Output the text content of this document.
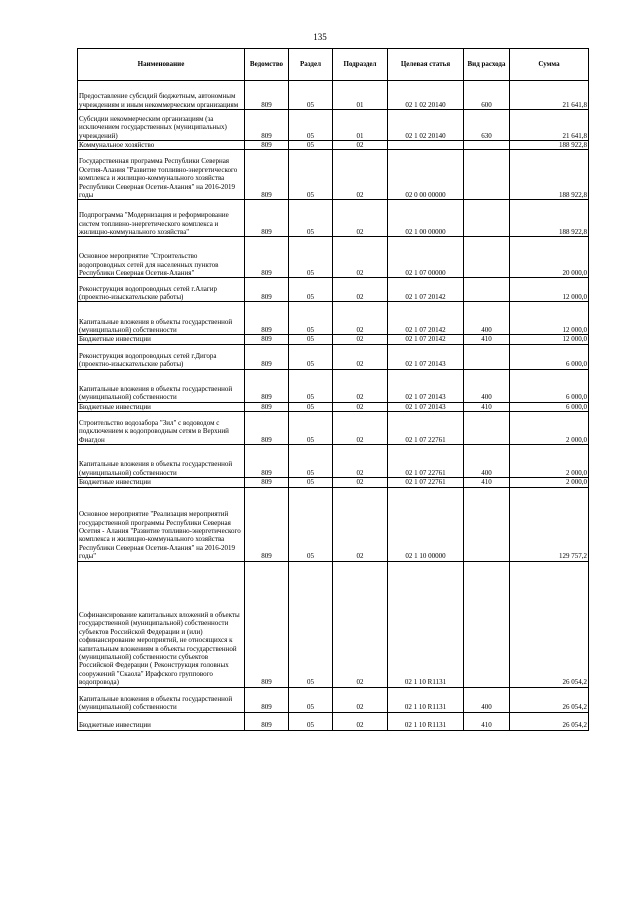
135
Наименование	Ведомство	Раздел	Подраздел	Целевая статья	Вид расхода	Сумма
Предоставление субсидий бюджетным, автономным учреждениям и иным некоммерческим организациям	809	05	01	02 1 02 20140	600	21 641,8
Субсидии некоммерческим организациям (за исключением государственных (муниципальных) учреждений)	809	05	01	02 1 02 20140	630	21 641,8
Коммунальное хозяйство	809	05	02			188 922,8
Государственная программа Республики Северная Осетия-Алания "Развитие топливно-энергетического комплекса и жилищно-коммунального хозяйства Республики Северная Осетия-Алания" на 2016-2019 годы	809	05	02	02 0 00 00000		188 922,8
Подпрограмма "Модернизация и реформирование систем топливно-энергетического комплекса и жилищно-коммунального хозяйства"	809	05	02	02 1 00 00000		188 922,8
Основное мероприятие "Строительство водопроводных сетей для населенных пунктов Республики Северная Осетия-Алания"	809	05	02	02 1 07 00000		20 000,0
Реконструкция водопроводных сетей г.Алагир (проектно-изыскательские работы)	809	05	02	02 1 07 20142		12 000,0
Капитальные вложения в объекты государственной (муниципальной) собственности	809	05	02	02 1 07 20142	400	12 000,0
Бюджетные инвестиции	809	05	02	02 1 07 20142	410	12 000,0
Реконструкция водопроводных сетей г.Дигора (проектно-изыскательские работы)	809	05	02	02 1 07 20143		6 000,0
Капитальные вложения в объекты государственной (муниципальной) собственности	809	05	02	02 1 07 20143	400	6 000,0
Бюджетные инвестиции	809	05	02	02 1 07 20143	410	6 000,0
Строительство водозабора "Зил" с водоводом с подключением к водопроводным сетям в Верхний Фиагдон	809	05	02	02 1 07 22761		2 000,0
Капитальные вложения в объекты государственной (муниципальной) собственности	809	05	02	02 1 07 22761	400	2 000,0
Бюджетные инвестиции	809	05	02	02 1 07 22761	410	2 000,0
Основное мероприятие "Реализация мероприятий государственной программы Республики Северная Осетия - Алания "Развитие топливно-энергетического комплекса и жилищно-коммунального хозяйства Республики Северная Осетия-Алания" на 2016-2019 годы"	809	05	02	02 1 10 00000		129 757,2
Софинансирование капитальных вложений в объекты государственной (муниципальной) собственности субъектов Российской Федерации и (или) софинансирование мероприятий, не относящихся к капитальным вложениям в объекты государственной (муниципальной) собственности субъектов Российской Федерации ( Реконструкция головных сооружений "Скаола" Ирафского группового водопровода)	809	05	02	02 1 10 R1131		26 054,2
Капитальные вложения в объекты государственной (муниципальной) собственности	809	05	02	02 1 10 R1131	400	26 054,2
Бюджетные инвестиции	809	05	02	02 1 10 R1131	410	26 054,2
